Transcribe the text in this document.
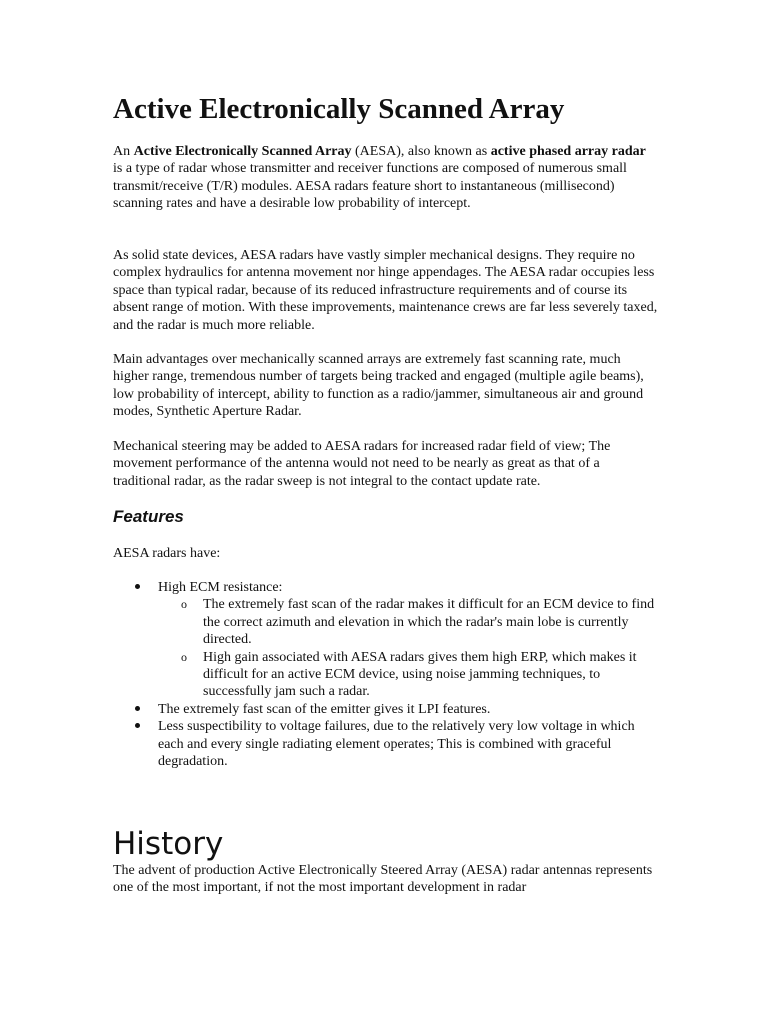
Active Electronically Scanned Array

An Active Electronically Scanned Array (AESA), also known as active phased array radar is a type of radar whose transmitter and receiver functions are composed of numerous small transmit/receive (T/R) modules. AESA radars feature short to instantaneous (millisecond) scanning rates and have a desirable low probability of intercept.

As solid state devices, AESA radars have vastly simpler mechanical designs. They require no complex hydraulics for antenna movement nor hinge appendages. The AESA radar occupies less space than typical radar, because of its reduced infrastructure requirements and of course its absent range of motion. With these improvements, maintenance crews are far less severely taxed, and the radar is much more reliable.

Main advantages over mechanically scanned arrays are extremely fast scanning rate, much higher range, tremendous number of targets being tracked and engaged (multiple agile beams), low probability of intercept, ability to function as a radio/jammer, simultaneous air and ground modes, Synthetic Aperture Radar.

Mechanical steering may be added to AESA radars for increased radar field of view; The movement performance of the antenna would not need to be nearly as great as that of a traditional radar, as the radar sweep is not integral to the contact update rate.

Features

AESA radars have:

High ECM resistance:
o The extremely fast scan of the radar makes it difficult for an ECM device to find the correct azimuth and elevation in which the radar's main lobe is currently directed.
o High gain associated with AESA radars gives them high ERP, which makes it difficult for an active ECM device, using noise jamming techniques, to successfully jam such a radar.
The extremely fast scan of the emitter gives it LPI features.
Less suspectibility to voltage failures, due to the relatively very low voltage in which each and every single radiating element operates; This is combined with graceful degradation.
History

The advent of production Active Electronically Steered Array (AESA) radar antennas represents one of the most important, if not the most important development in radar
